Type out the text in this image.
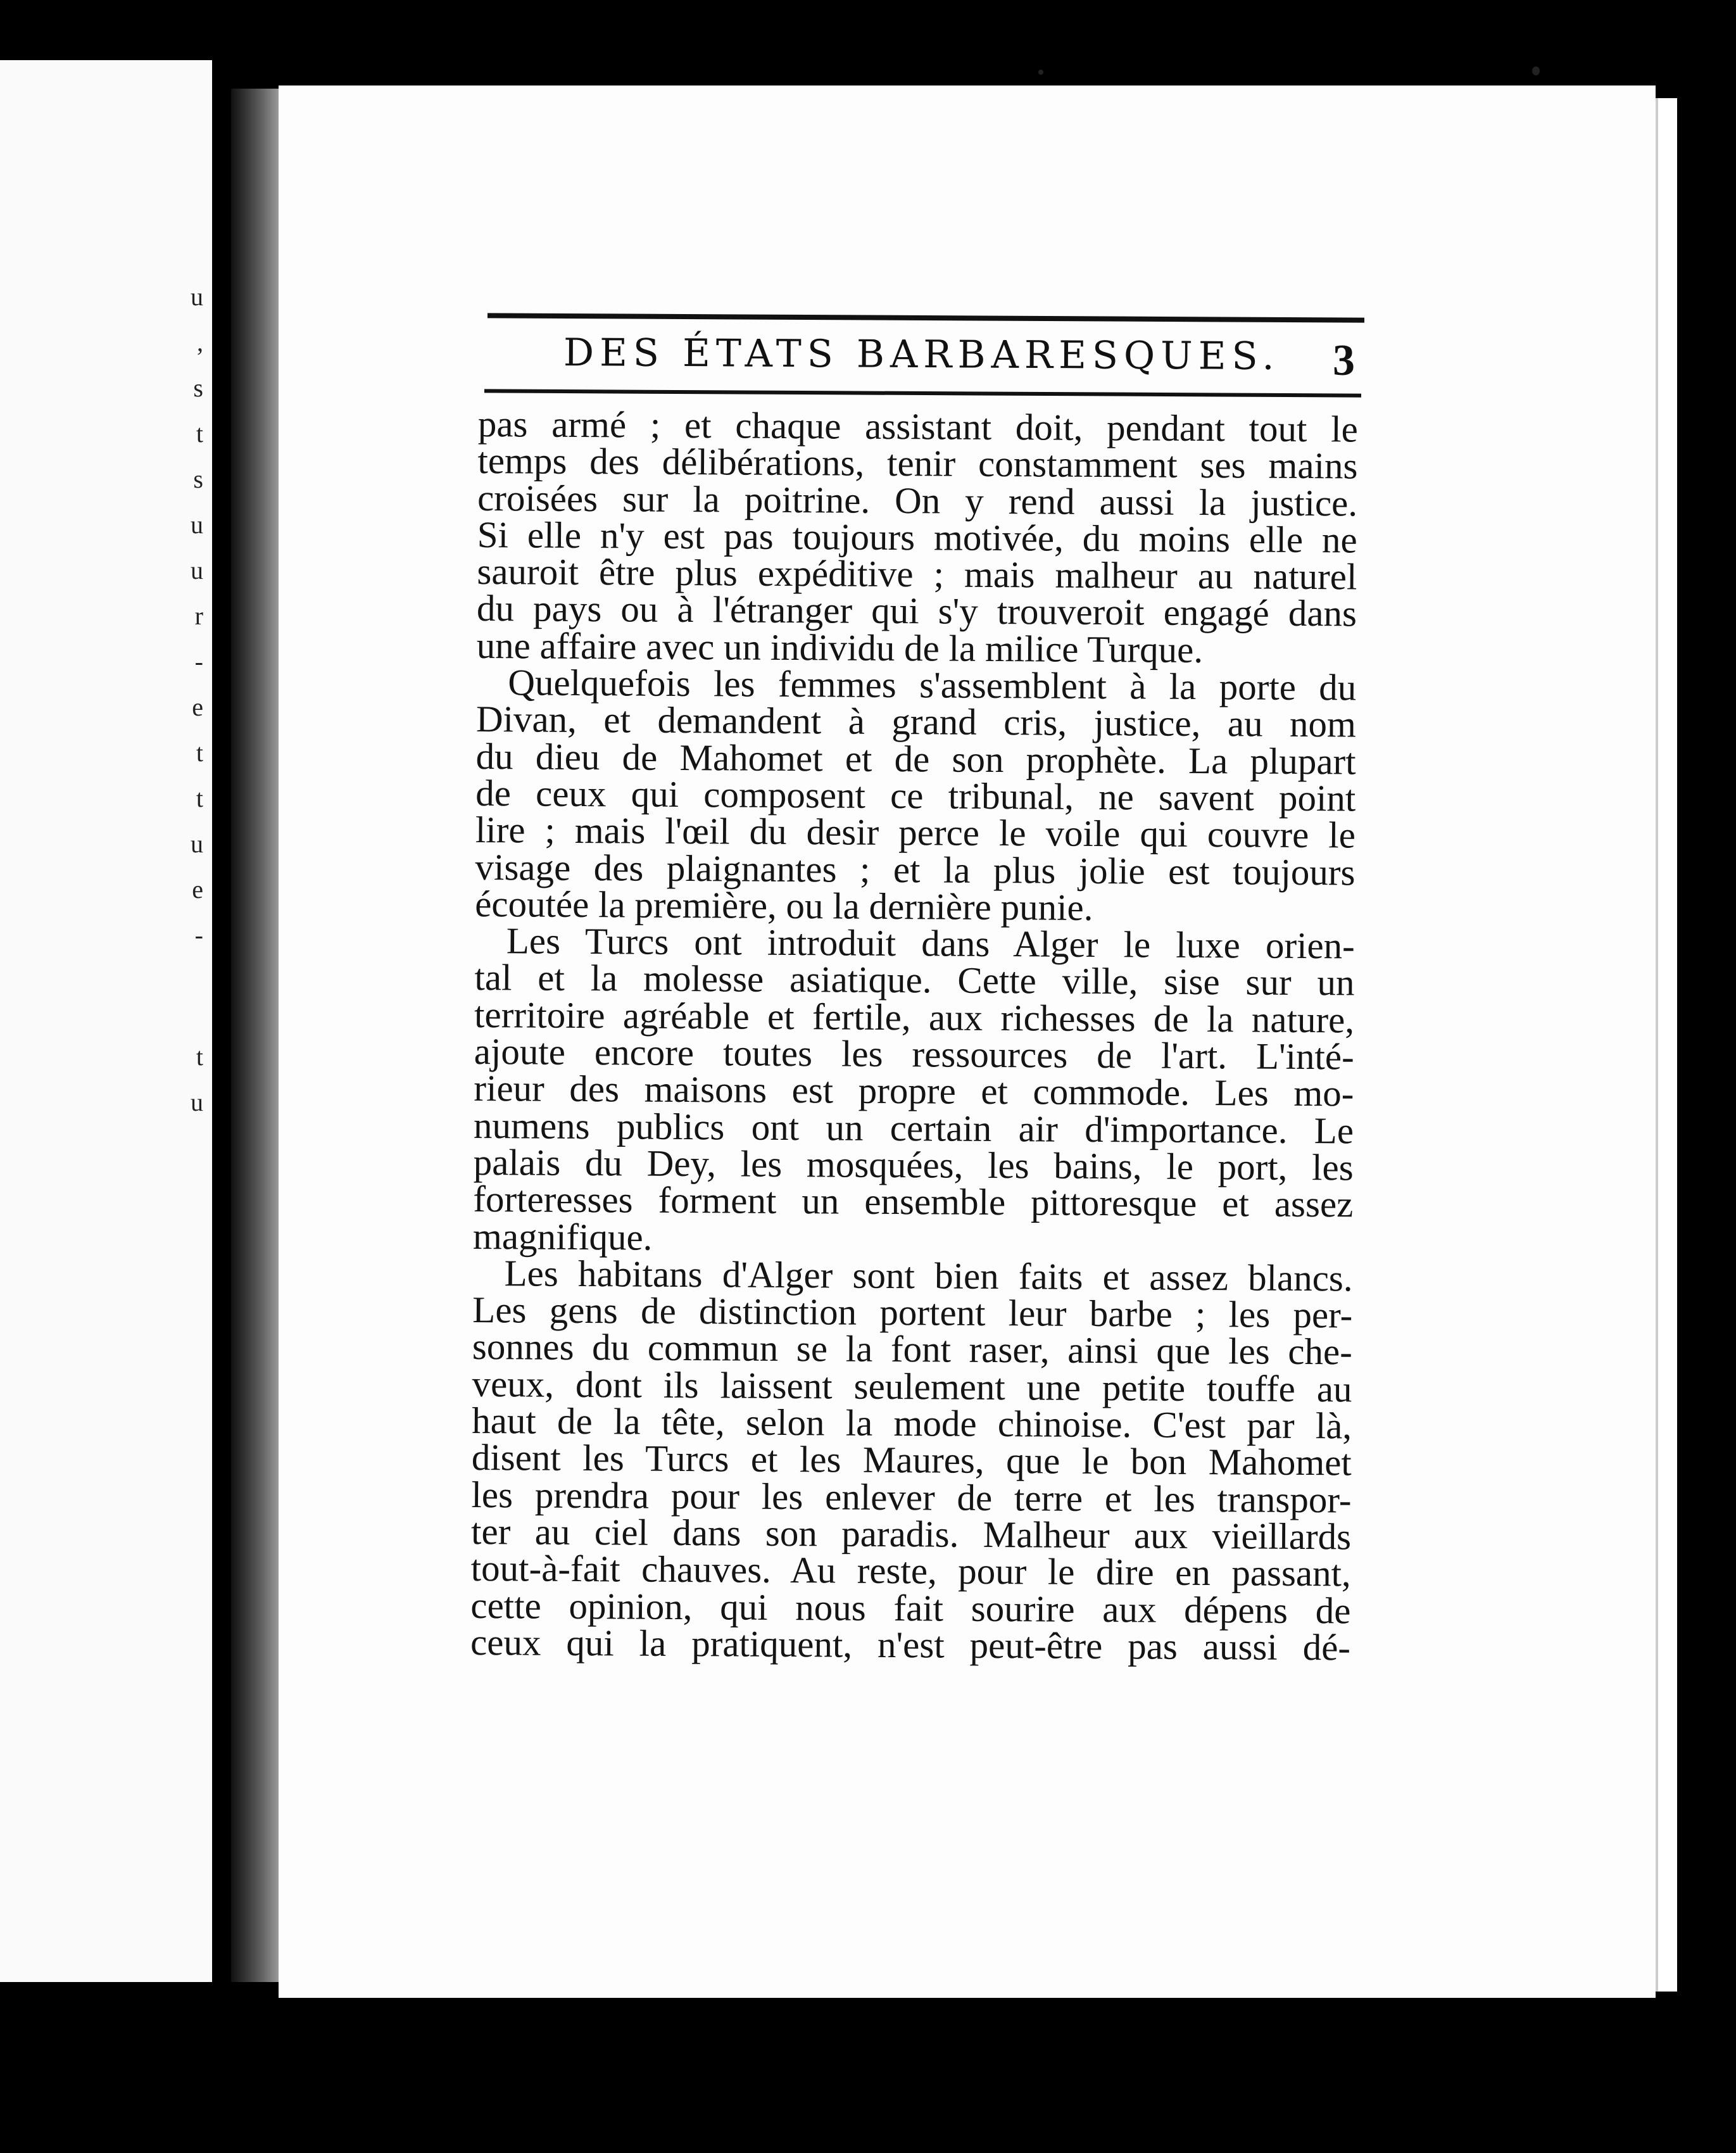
u
,
s
t
s
u
u
r
-
e
t
t
u
e
-
t
u
DES ÉTATS BARBARESQUES. 3
pas armé ; et chaque assistant doit, pendant tout le
temps des délibérations, tenir constamment ses mains
croisées sur la poitrine. On y rend aussi la justice.
Si elle n'y est pas toujours motivée, du moins elle ne
sauroit être plus expéditive ; mais malheur au naturel
du pays ou à l'étranger qui s'y trouveroit engagé dans
une affaire avec un individu de la milice Turque.
Quelquefois les femmes s'assemblent à la porte du
Divan, et demandent à grand cris, justice, au nom
du dieu de Mahomet et de son prophète. La plupart
de ceux qui composent ce tribunal, ne savent point
lire ; mais l'œil du desir perce le voile qui couvre le
visage des plaignantes ; et la plus jolie est toujours
écoutée la première, ou la dernière punie.
Les Turcs ont introduit dans Alger le luxe orien-
tal et la molesse asiatique. Cette ville, sise sur un
territoire agréable et fertile, aux richesses de la nature,
ajoute encore toutes les ressources de l'art. L'inté-
rieur des maisons est propre et commode. Les mo-
numens publics ont un certain air d'importance. Le
palais du Dey, les mosquées, les bains, le port, les
forteresses forment un ensemble pittoresque et assez
magnifique.
Les habitans d'Alger sont bien faits et assez blancs.
Les gens de distinction portent leur barbe ; les per-
sonnes du commun se la font raser, ainsi que les che-
veux, dont ils laissent seulement une petite touffe au
haut de la tête, selon la mode chinoise. C'est par là,
disent les Turcs et les Maures, que le bon Mahomet
les prendra pour les enlever de terre et les transpor-
ter au ciel dans son paradis. Malheur aux vieillards
tout-à-fait chauves. Au reste, pour le dire en passant,
cette opinion, qui nous fait sourire aux dépens de
ceux qui la pratiquent, n'est peut-être pas aussi dé-
